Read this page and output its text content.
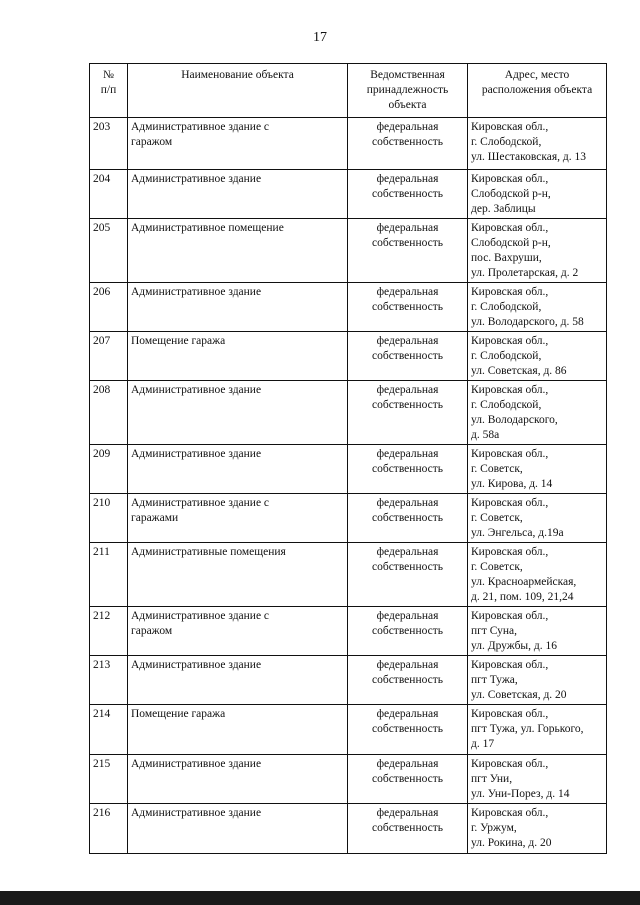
17
№
п/п	Наименование объекта	Ведомственная
принадлежность
объекта	Адрес, место
расположения объекта

203	Административное здание с
гаражом	федеральная
собственность	Кировская обл.,
г. Слободской,
ул. Шестаковская, д. 13

204	Административное здание	федеральная
собственность	Кировская обл.,
Слободской р-н,
дер. Заблицы

205	Административное помещение	федеральная
собственность	Кировская обл.,
Слободской р-н,
пос. Вахруши,
ул. Пролетарская, д. 2

206	Административное здание	федеральная
собственность	Кировская обл.,
г. Слободской,
ул. Володарского, д. 58

207	Помещение гаража	федеральная
собственность	Кировская обл.,
г. Слободской,
ул. Советская, д. 86

208	Административное здание	федеральная
собственность	Кировская обл.,
г. Слободской,
ул. Володарского,
д. 58а

209	Административное здание	федеральная
собственность	Кировская обл.,
г. Советск,
ул. Кирова, д. 14

210	Административное здание с
гаражами	федеральная
собственность	Кировская обл.,
г. Советск,
ул. Энгельса, д.19а

211	Административные помещения	федеральная
собственность	Кировская обл.,
г. Советск,
ул. Красноармейская,
д. 21, пом. 109, 21,24

212	Административное здание с
гаражом	федеральная
собственность	Кировская обл.,
пгт Суна,
ул. Дружбы, д. 16

213	Административное здание	федеральная
собственность	Кировская обл.,
пгт Тужа,
ул. Советская, д. 20

214	Помещение гаража	федеральная
собственность	Кировская обл.,
пгт Тужа, ул. Горького,
д. 17

215	Административное здание	федеральная
собственность	Кировская обл.,
пгт Уни,
ул. Уни-Порез, д. 14

216	Административное здание	федеральная
собственность	Кировская обл.,
г. Уржум,
ул. Рокина, д. 20
